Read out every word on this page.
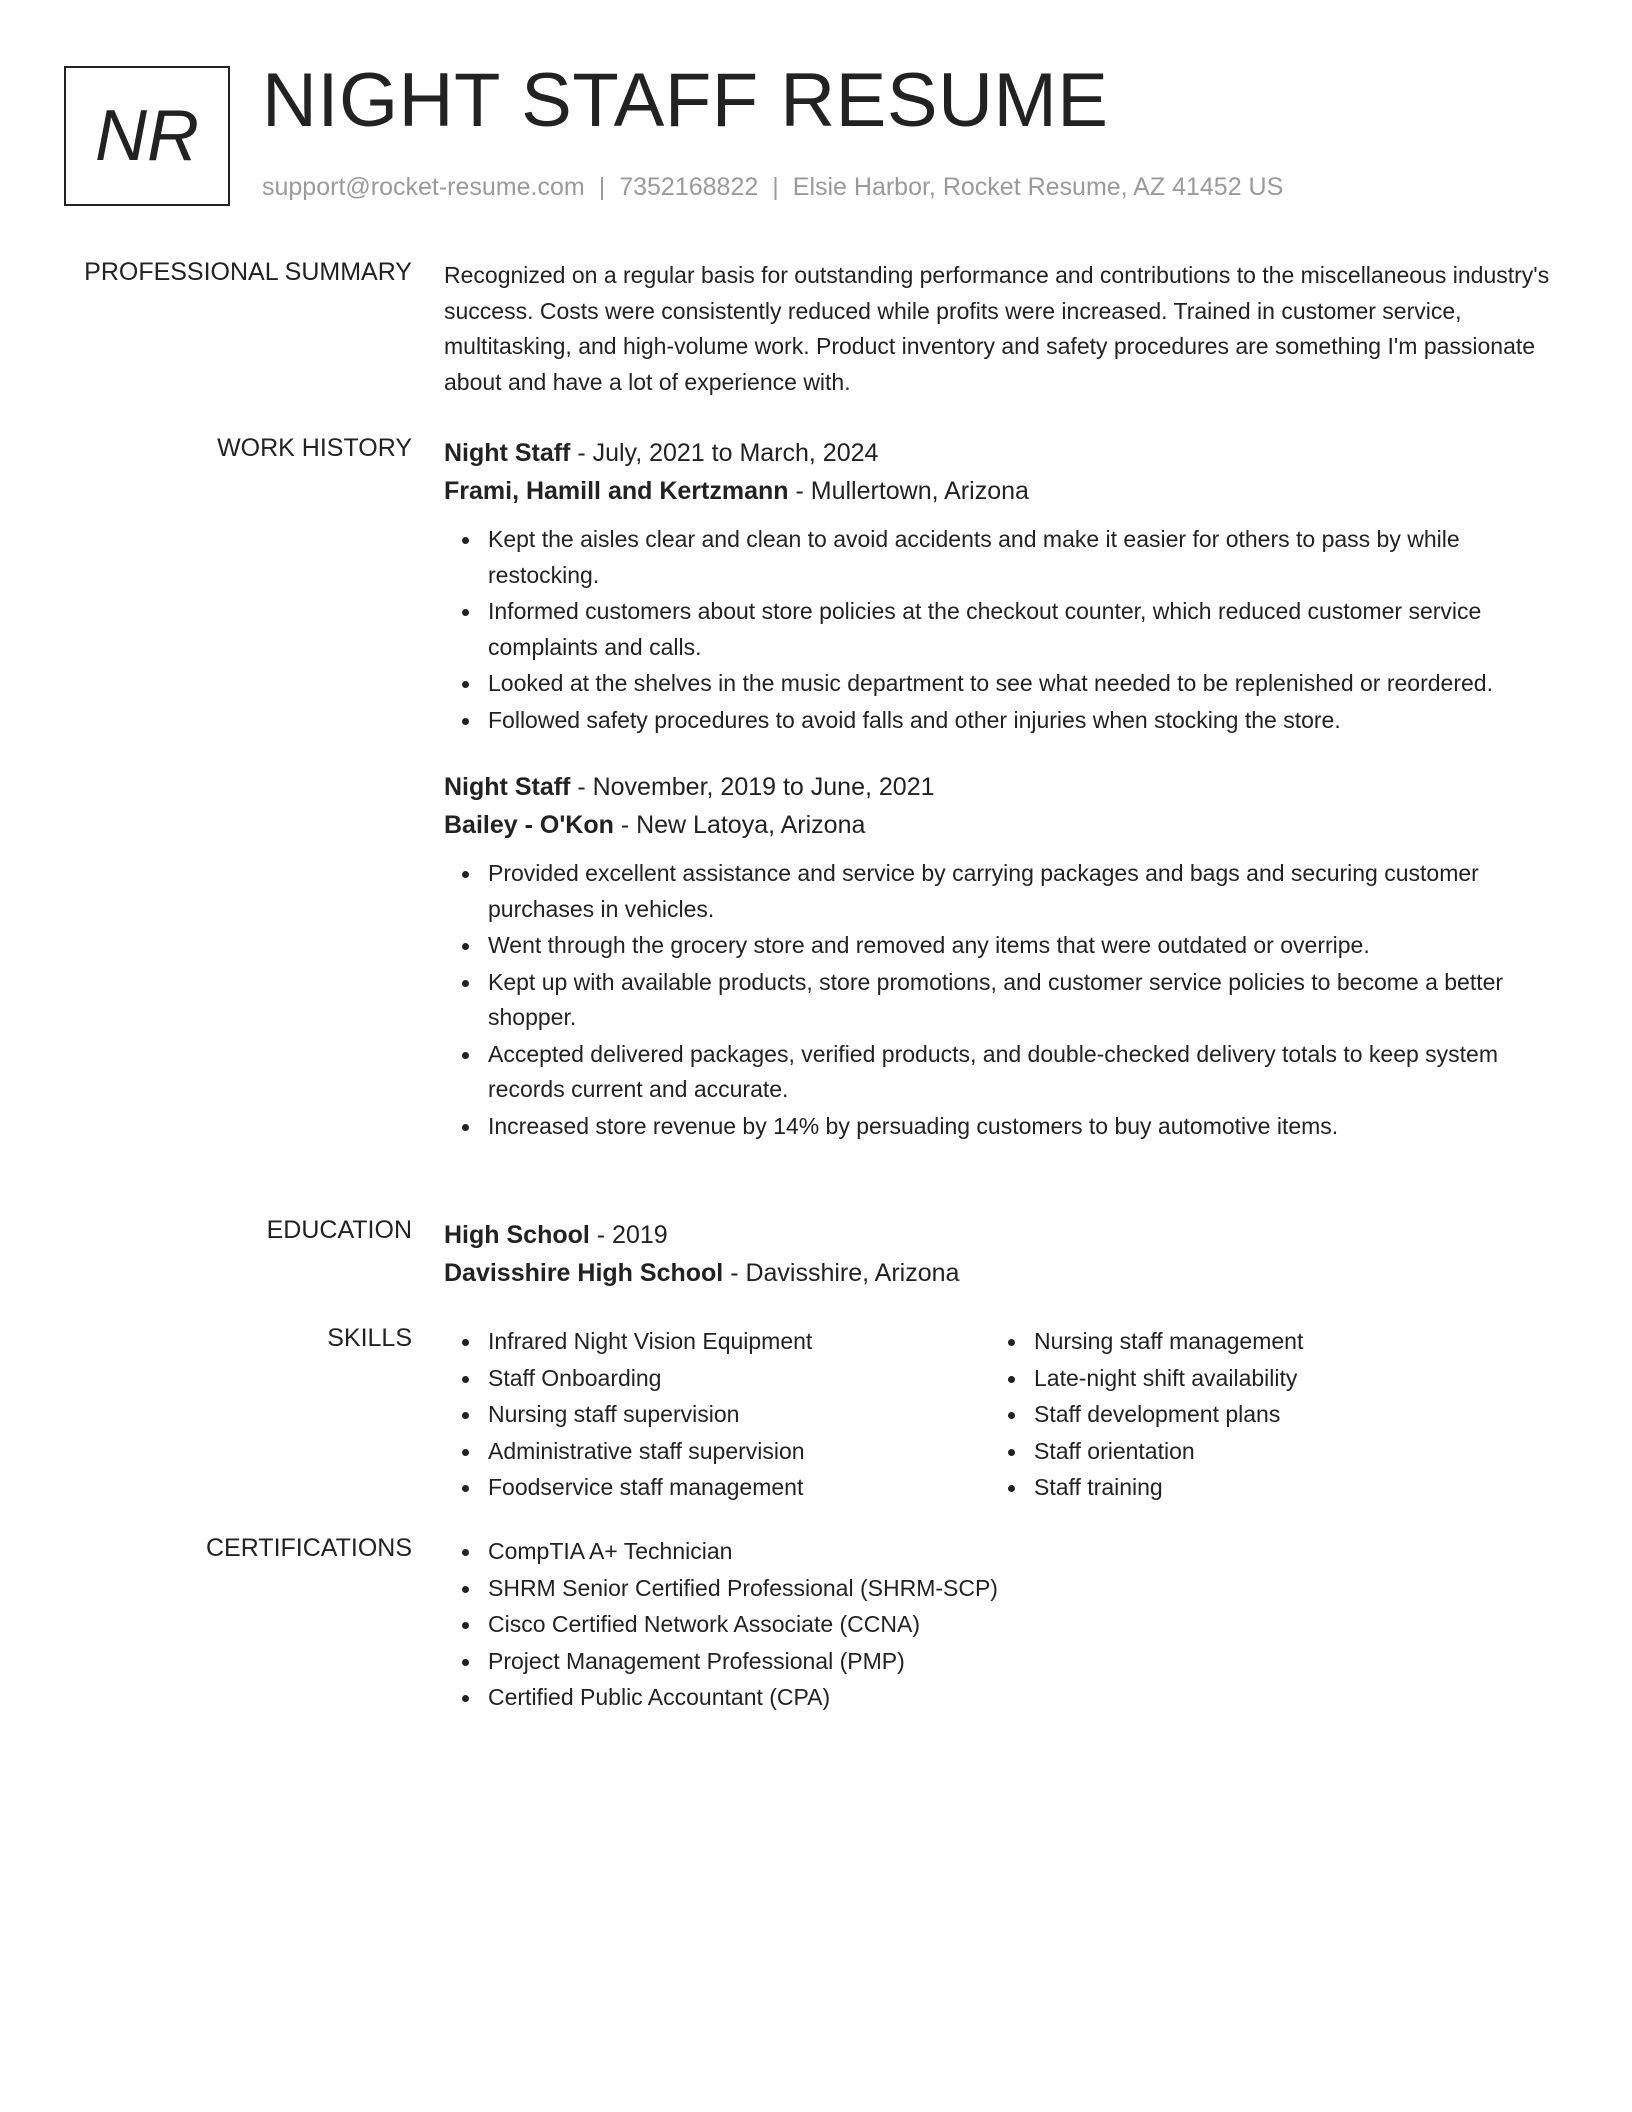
NR NIGHT STAFF RESUME
support@rocket-resume.com | 7352168822 | Elsie Harbor, Rocket Resume, AZ 41452 US
PROFESSIONAL SUMMARY Recognized on a regular basis for outstanding performance and contributions to the miscellaneous industry's success. Costs were consistently reduced while profits were increased. Trained in customer service, multitasking, and high-volume work. Product inventory and safety procedures are something I'm passionate about and have a lot of experience with.

WORK HISTORY Night Staff - July, 2021 to March, 2024
Frami, Hamill and Kertzmann - Mullertown, Arizona
Kept the aisles clear and clean to avoid accidents and make it easier for others to pass by while restocking.
Informed customers about store policies at the checkout counter, which reduced customer service complaints and calls.
Looked at the shelves in the music department to see what needed to be replenished or reordered.
Followed safety procedures to avoid falls and other injuries when stocking the store.
Night Staff - November, 2019 to June, 2021
Bailey - O'Kon - New Latoya, Arizona
Provided excellent assistance and service by carrying packages and bags and securing customer purchases in vehicles.
Went through the grocery store and removed any items that were outdated or overripe.
Kept up with available products, store promotions, and customer service policies to become a better shopper.
Accepted delivered packages, verified products, and double-checked delivery totals to keep system records current and accurate.
Increased store revenue by 14% by persuading customers to buy automotive items.
EDUCATION High School - 2019
Davisshire High School - Davisshire, Arizona
SKILLS	Infrared Night Vision Equipment
Staff Onboarding
Nursing staff supervision
Administrative staff supervision
Foodservice staff management
Nursing staff management
Late-night shift availability
Staff development plans
Staff orientation
Staff training
CERTIFICATIONS	CompTIA A+ Technician
SHRM Senior Certified Professional (SHRM-SCP)
Cisco Certified Network Associate (CCNA)
Project Management Professional (PMP)
Certified Public Accountant (CPA)
